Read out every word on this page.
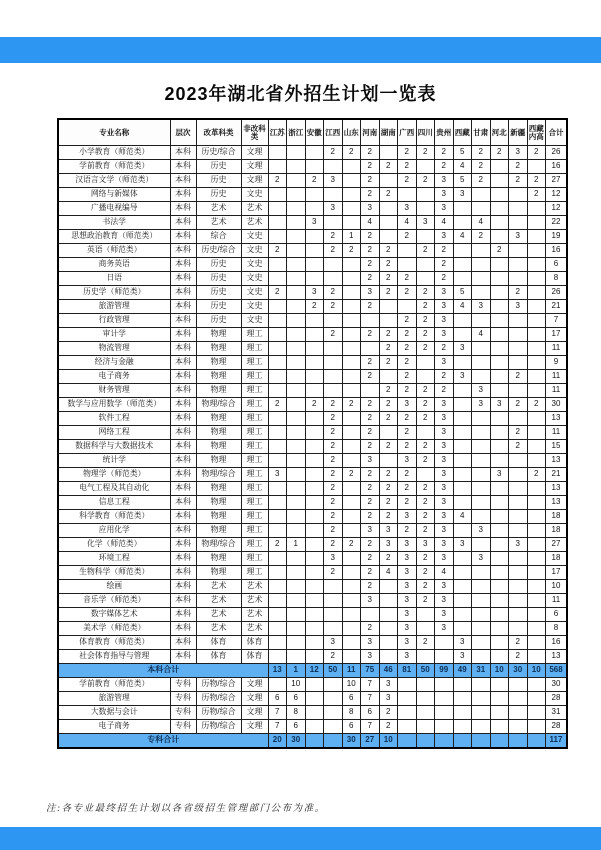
2023年湖北省外招生计划一览表
专业名称	层次	改革科类	非改科类	江苏	浙江	安徽	江西	山东	河南	湖南	广西	四川	贵州	西藏	甘肃	河北	新疆	西藏内高	合计
小学教育（师范类）	本科	历史/综合	文理				2	2	2		2	2	2	5	2	2	3	2	26
学前教育（师范类）	本科	历史	文理						2	2	2		2	4	2		2		16
汉语言文学（师范类）	本科	历史	文理	2		2	3		2		2	2	3	5	2		2	2	27
网络与新媒体	本科	历史	文史						2	2			3	3				2	12
广播电视编导	本科	艺术	艺术				3		3		3		3						12
书法学	本科	艺术	艺术			3			4		4	3	4		4				22
思想政治教育（师范类）	本科	综合	文史				2	1	2		2		3	4	2		3		19
英语（师范类）	本科	历史/综合	文史	2			2	2	2	2		2	2			2			16
商务英语	本科	历史	文史						2	2			2						6
日语	本科	历史	文史						2	2	2		2						8
历史学（师范类）	本科	历史	文史	2		3	2		3	2	2	2	3	5			2		26
旅游管理	本科	历史	文史			2	2		2			2	3	4	3		3		21
行政管理	本科	历史	文史								2	2	3						7
审计学	本科	物理	理工				2		2	2	2	2	3		4				17
物流管理	本科	物理	理工							2	2	2	2	3					11
经济与金融	本科	物理	理工						2	2	2		3						9
电子商务	本科	物理	理工						2		2		2	3			2		11
财务管理	本科	物理	理工							2	2	2	2		3				11
数学与应用数学（师范类）	本科	物理/综合	理工	2		2	2	2	2	2	3	2	3		3	3	2	2	30
软件工程	本科	物理	理工				2		2	2	2	2	3						13
网络工程	本科	物理	理工				2		2		2		3				2		11
数据科学与大数据技术	本科	物理	理工				2		2	2	2	2	3				2		15
统计学	本科	物理	理工				2		3		3	2	3						13
物理学（师范类）	本科	物理/综合	理工	3			2	2	2	2	2		3			3		2	21
电气工程及其自动化	本科	物理	理工				2		2	2	2	2	3						13
信息工程	本科	物理	理工				2		2	2	2	2	3						13
科学教育（师范类）	本科	物理	理工				2		2	2	3	2	3	4					18
应用化学	本科	物理	理工				2		3	3	2	2	3		3				18
化学（师范类）	本科	物理/综合	理工	2	1		2	2	2	3	3	3	3	3			3		27
环境工程	本科	物理	理工				3		2	2	3	2	3		3				18
生物科学（师范类）	本科	物理	理工				2		2	4	3	2	4						17
绘画	本科	艺术	艺术						2		3	2	3						10
音乐学（师范类）	本科	艺术	艺术						3		3	2	3						11
数字媒体艺术	本科	艺术	艺术								3		3						6
美术学（师范类）	本科	艺术	艺术						2		3		3						8
体育教育（师范类）	本科	体育	体育				3		3		3	2		3			2		16
社会体育指导与管理	本科	体育	体育				2		3		3			3			2		13
本科合计				13	1	12	50	11	75	46	81	50	99	49	31	10	30	10	568
学前教育（师范类）	专科	历物/综合	文理		10			10	7	3									30
旅游管理	专科	历物/综合	文理	6	6			6	7	3									28
大数据与会计	专科	历物/综合	文理	7	8			8	6	2									31
电子商务	专科	历物/综合	文理	7	6			6	7	2									28
专科合计				20	30			30	27	10									117
注:各专业最终招生计划以各省级招生管理部门公布为准。
